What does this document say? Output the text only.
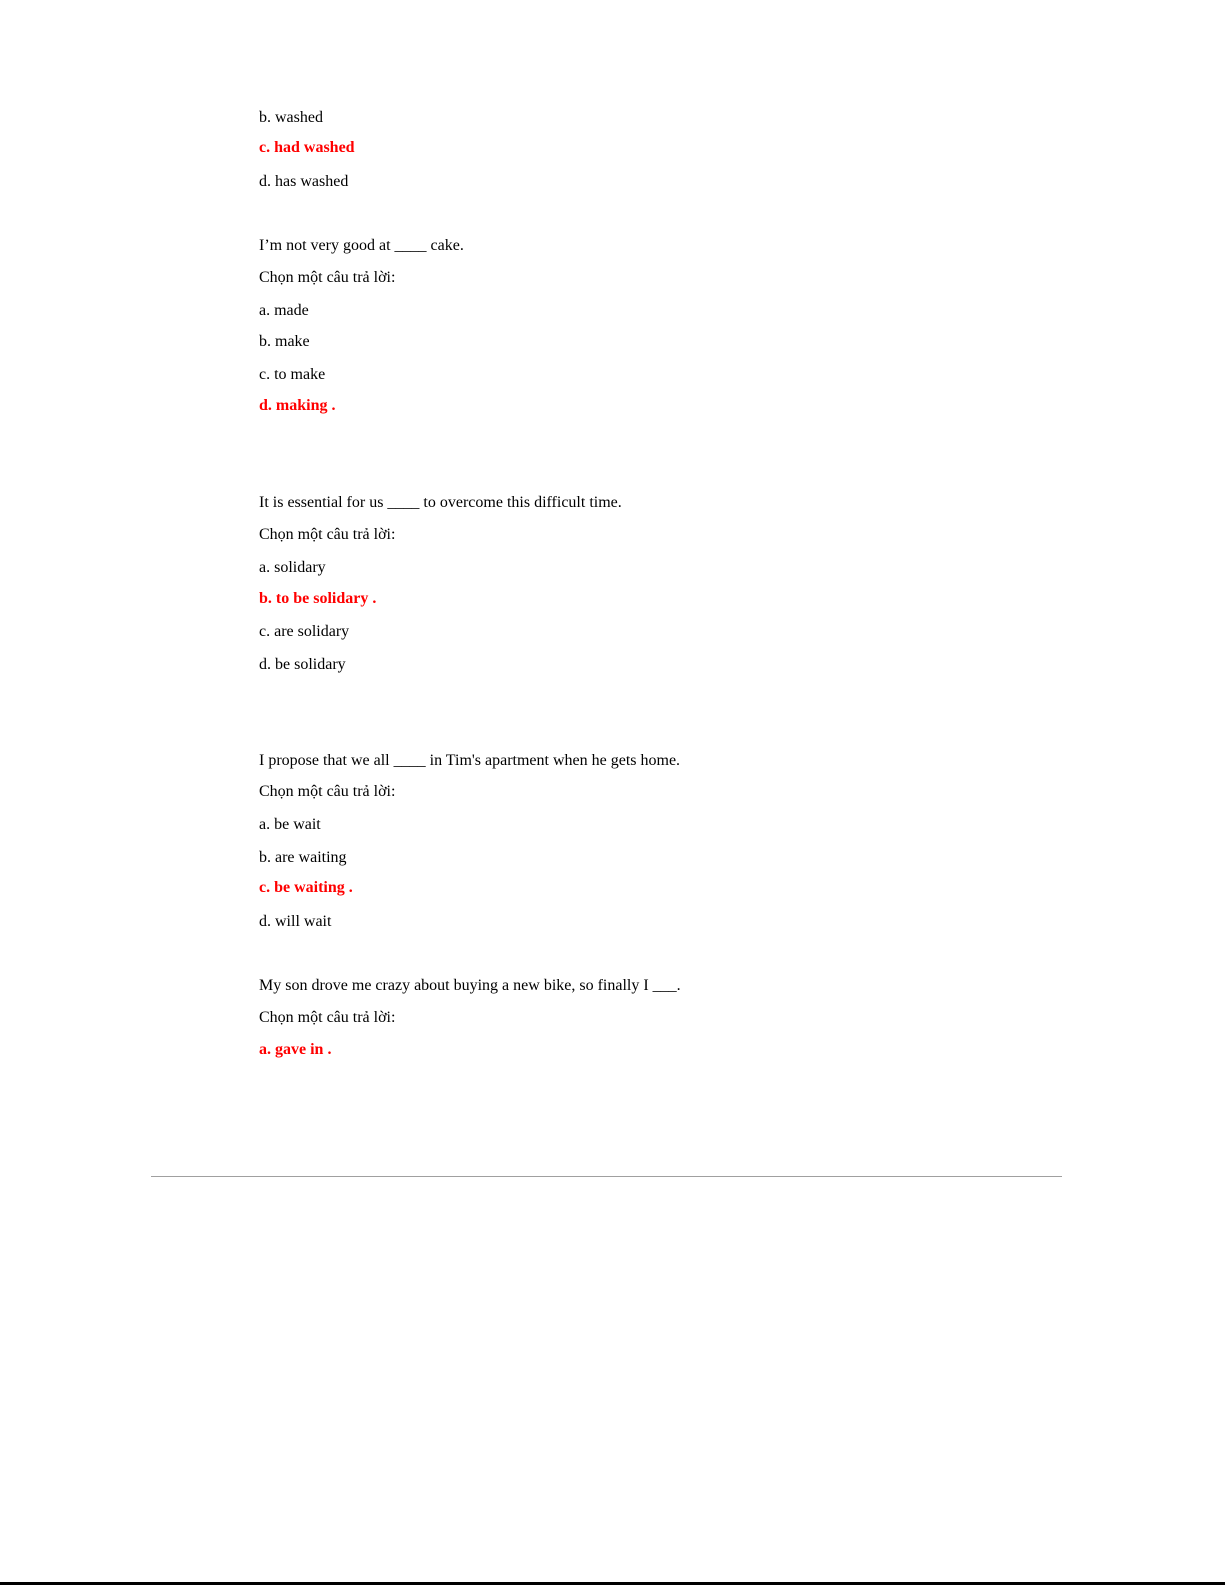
b. washed
c. had washed
d. has washed
I’m not very good at ____ cake.
Chọn một câu trả lời:
a. made
b. make
c. to make
d. making .
It is essential for us ____ to overcome this difficult time.
Chọn một câu trả lời:
a. solidary
b. to be solidary .
c. are solidary
d. be solidary
I propose that we all ____ in Tim's apartment when he gets home.
Chọn một câu trả lời:
a. be wait
b. are waiting
c. be waiting .
d. will wait
My son drove me crazy about buying a new bike, so finally I ___.
Chọn một câu trả lời:
a. gave in .
